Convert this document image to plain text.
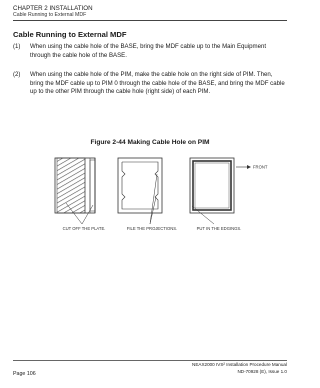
CHAPTER 2 INSTALLATION
Cable Running to External MDF
Cable Running to External MDF
(1) When using the cable hole of the BASE, bring the MDF cable up to the Main Equipment through the cable hole of the BASE.
(2) When using the cable hole of the PIM, make the cable hole on the right side of PIM. Then, bring the MDF cable up to PIM 0 through the cable hole of the BASE, and bring the MDF cable up to the other PIM through the cable hole (right side) of each PIM.
Figure 2-44 Making Cable Hole on PIM
CUT OFF THE PLATE.	FILE THE PROJECTIONS.	PUT IN THE EDGINGS.
FRONT
Page 106
NEAX2000 IVS² Installation Procedure Manual
ND-70928 (E), Issue 1.0
